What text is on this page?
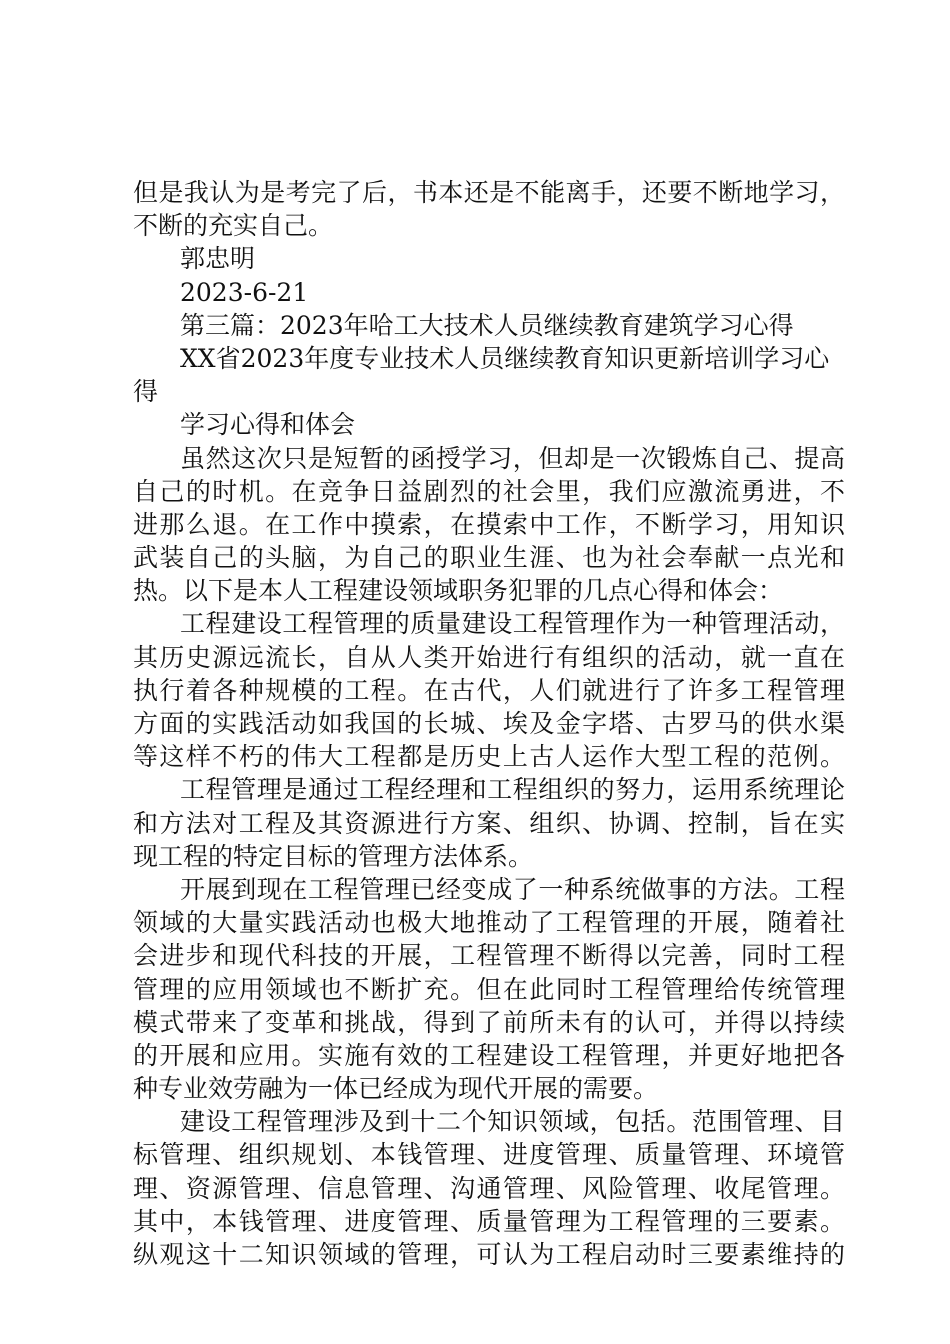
但是我认为是考完了后，书本还是不能离手，还要不断地学习，
不断的充实自己。
郭忠明
2023-6-21
第三篇：2023年哈工大技术人员继续教育建筑学习心得
XX省2023年度专业技术人员继续教育知识更新培训学习心
得
学习心得和体会
虽然这次只是短暂的函授学习，但却是一次锻炼自己、提高
自己的时机。在竞争日益剧烈的社会里，我们应激流勇进，不
进那么退。在工作中摸索，在摸索中工作，不断学习，用知识
武装自己的头脑，为自己的职业生涯、也为社会奉献一点光和
热。以下是本人工程建设领域职务犯罪的几点心得和体会：
工程建设工程管理的质量建设工程管理作为一种管理活动，
其历史源远流长，自从人类开始进行有组织的活动，就一直在
执行着各种规模的工程。在古代，人们就进行了许多工程管理
方面的实践活动如我国的长城、埃及金字塔、古罗马的供水渠
等这样不朽的伟大工程都是历史上古人运作大型工程的范例。
工程管理是通过工程经理和工程组织的努力，运用系统理论
和方法对工程及其资源进行方案、组织、协调、控制，旨在实
现工程的特定目标的管理方法体系。
开展到现在工程管理已经变成了一种系统做事的方法。工程
领域的大量实践活动也极大地推动了工程管理的开展，随着社
会进步和现代科技的开展，工程管理不断得以完善，同时工程
管理的应用领域也不断扩充。但在此同时工程管理给传统管理
模式带来了变革和挑战，得到了前所未有的认可，并得以持续
的开展和应用。实施有效的工程建设工程管理，并更好地把各
种专业效劳融为一体已经成为现代开展的需要。
建设工程管理涉及到十二个知识领域，包括。范围管理、目
标管理、组织规划、本钱管理、进度管理、质量管理、环境管
理、资源管理、信息管理、沟通管理、风险管理、收尾管理。
其中，本钱管理、进度管理、质量管理为工程管理的三要素。
纵观这十二知识领域的管理，可认为工程启动时三要素维持的
